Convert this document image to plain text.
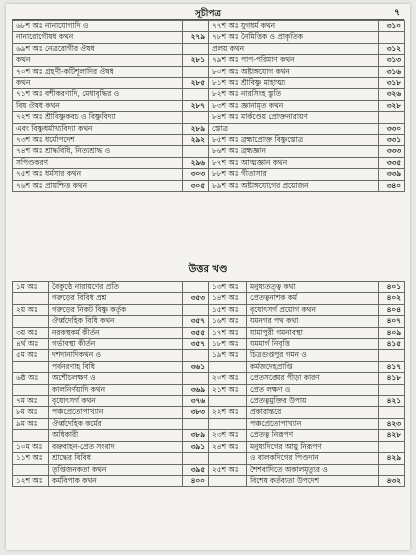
সূচীপত্র	৭
৬৮শ অঃ নানাযোগাদি ও		৭৭শ অঃ যুগধর্ম কথন	৩১০
নানারোগৌষধ কথন	২৭৯	৭৮শ অঃ নৈমিত্তিক ও প্রাকৃতিক	
৬৯শ অঃ নেত্ররোগীর ঔষধ		প্রলয় কথন	৩১২
কথন	২৮১	৭৯শ অঃ পাপ-পরিমাণ কথন	৩১৩
৭০শ অঃ গ্রহণী-কটিশূলাদির ঔষধ		৮০শ অঃ অষ্টাঙ্গযোগ কথন	৩১৬
কথন	২৮৫	৮১শ অঃ শ্রীবিষ্ণু মাহাত্ম্য	৩১৮
৭১শ অঃ বশীকরণাদি, মেধাবৃদ্ধির ও		৮২শ অঃ নারসিংহ স্তুতি	৩২৬
বিষ ঔষধ কথন	২৮৭	৮৩শ অঃ জ্ঞানামৃত কথন	৩২৮
৭২শ অঃ শ্রীবিষ্ণুকবচ ও বিষ্ণুবিদ্যা		৮৪শ অঃ মার্কণ্ডেয় প্রোক্তনারায়ণ	
এবং বিষ্ণুধর্মাখ্যবিদ্যা কথন	২৮৯	স্তোত্র	৩৩০
৭৩শ অঃ ধর্মোপদেশ	২৯২	৮৫শ অঃ ব্রহ্মাপ্রোক্ত বিষ্ণুস্তোত্র	৩৩১
৭৪শ অঃ শ্রাদ্ধবিধি, নিত্যশ্রাদ্ধ ও		৮৬শ অঃ ব্রহ্মজ্ঞান	৩৩৩
সপিণ্ডকরণ	২৯৬	৮৭শ অঃ আত্মজ্ঞান কথন	৩৩৫
৭৫শ অঃ ধর্মসার কথন	৩০৩	৮৮শ অঃ গীতাসার	৩৩৯
৭৬শ অঃ প্রায়শ্চিত্ত কথন	৩০৫	৮৯শ অঃ অষ্টাঙ্গযোগের প্রয়োজন	৩৪০
উত্তর খণ্ড
১ম অঃ	বৈকুণ্ঠে নারায়ণের প্রতি		১৩শ অঃ	মনুষ্যতত্ত্ব কথা	৪০১
	গরুড়ের বিবিধ প্রশ্ন	৩৫৩	১৪শ অঃ	প্রেতত্বনাশক কর্ম	৪০২
২য় অঃ	গরুড়ের নিকট বিষ্ণু কর্তৃক		১৫শ অঃ	বৃষোৎসর্গ প্রয়োগ কথন	৪০৪
	ঔর্ধ্বদেহিক বিধি কথন	৩৫৭	১৬শ অঃ	যমনগর পথ কথা	৪০৭
৩য় অঃ	নরকস্থকর্ম কীর্তন	৩৫৫	১৭শ অঃ	যামাপুরী গমনাবস্থা	৪০৯
৪র্থ অঃ	গর্ভাবস্থা কীর্তন	৩৫৭	১৮শ অঃ	যমমার্গ নিবৃত্তি	৪১৫
৫ম অঃ	দশদানাদিকথন ও		১৯শ অঃ	চিত্রগুপ্তপুর গমন ও	
	পর্বনরণাহ বিধি	৩৬১		কর্মজদেহপ্রাপ্তি	৪১৭
৬ষ্ঠ অঃ	অশৌচলক্ষণ ও		২০শ অঃ	প্রেতসঙ্ঘের পীড়া কারণ	৪১৮
	কালনির্ণয়াদি কথন	৩৬৯	২১শ অঃ	প্রেত লক্ষণ ও	
৭ম অঃ	বৃষোৎসর্গ কথন	৩৭৬		প্রেতত্বমুক্তির উপায়	৪২১
৮ম অঃ	পঞ্চপ্রেতোপাখ্যান	৩৮৩	২২শ অঃ	প্রকারান্তরে	
৯ম অঃ	ঔর্ধ্বদেহিক কর্মের			পঞ্চপ্রেতোপাখ্যান	৪২৩
	অধিকারী	৩৮৯	২৩শ অঃ	প্রেতত্ব নিরূপণ	৪২৮
১০ম অঃ	বভ্রুবাহন-প্রেত সংবাদ	৩৯১	২৪শ অঃ	মনুষ্যদিগের আয়ু নিরূপণ	
১১শ অঃ	শ্রাদ্ধের বিবিধ			ও বালকদিগের পিণ্ডদান	৪২৯
	তৃপ্তিজনকতা কথন	৩৯৫	২৫শ অঃ	শৈশবাদিতে অকালমৃত্যুর ও	
১২শ অঃ	কর্মবিপাক কথন	৪০০		বিশেষ কর্তব্যতা উপদেশ	৪৩২
